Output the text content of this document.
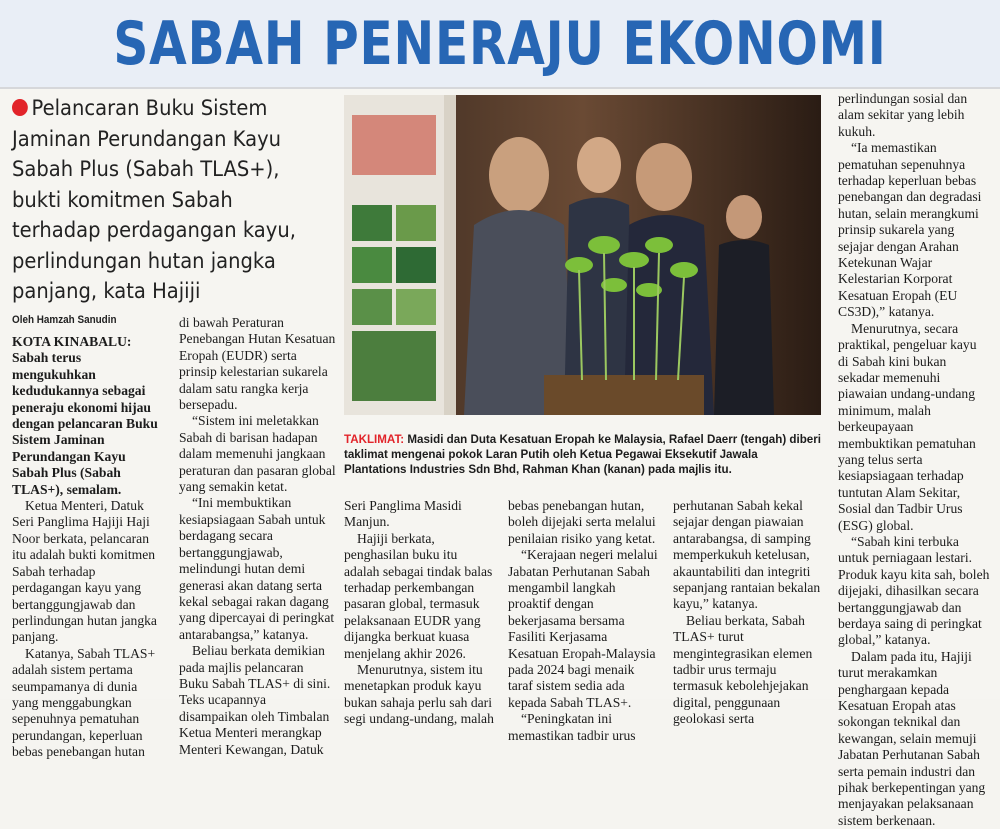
SABAH PENERAJU EKONOMI

Pelancaran Buku Sistem Jaminan Perundangan Kayu Sabah Plus (Sabah TLAS+), bukti komitmen Sabah terhadap perdagangan kayu, perlindungan hutan jangka panjang, kata Hajiji

Oleh Hamzah Sanudin

KOTA KINABALU:

Sabah terus mengukuhkan kedudukannya sebagai peneraju ekonomi hijau dengan pelancaran Buku Sistem Jaminan Perundangan Kayu Sabah Plus (Sabah TLAS+), semalam.

Ketua Menteri, Datuk Seri Panglima Hajiji Haji Noor berkata, pelancaran itu adalah bukti komitmen Sabah terhadap perdagangan kayu yang bertanggungjawab dan perlindungan hutan jangka panjang.

Katanya, Sabah TLAS+ adalah sistem pertama seumpamanya di dunia yang menggabungkan sepenuhnya pematuhan perundangan, keperluan bebas penebangan hutan

di bawah Peraturan Penebangan Hutan Kesatuan Eropah (EUDR) serta prinsip kelestarian sukarela dalam satu rangka kerja bersepadu.

“Sistem ini meletakkan Sabah di barisan hadapan dalam memenuhi jangkaan peraturan dan pasaran global yang semakin ketat.

“Ini membuktikan kesiapsiagaan Sabah untuk berdagang secara bertanggungjawab, melindungi hutan demi generasi akan datang serta kekal sebagai rakan dagang yang dipercayai di peringkat antarabangsa,” katanya.

Beliau berkata demikian pada majlis pelancaran Buku Sabah TLAS+ di sini. Teks ucapannya disampaikan oleh Timbalan Ketua Menteri merangkap Menteri Kewangan, Datuk

TAKLIMAT: Masidi dan Duta Kesatuan Eropah ke Malaysia, Rafael Daerr (tengah) diberi taklimat mengenai pokok Laran Putih oleh Ketua Pegawai Eksekutif Jawala Plantations Industries Sdn Bhd, Rahman Khan (kanan) pada majlis itu.

Seri Panglima Masidi Manjun.

Hajiji berkata, penghasilan buku itu adalah sebagai tindak balas terhadap perkembangan pasaran global, termasuk pelaksanaan EUDR yang dijangka berkuat kuasa menjelang akhir 2026.

Menurutnya, sistem itu menetapkan produk kayu bukan sahaja perlu sah dari segi undang-undang, malah

bebas penebangan hutan, boleh dijejaki serta melalui penilaian risiko yang ketat.

“Kerajaan negeri melalui Jabatan Perhutanan Sabah mengambil langkah proaktif dengan bekerjasama bersama Fasiliti Kerjasama Kesatuan Eropah-Malaysia pada 2024 bagi menaik taraf sistem sedia ada kepada Sabah TLAS+.

“Peningkatan ini memastikan tadbir urus

perhutanan Sabah kekal sejajar dengan piawaian antarabangsa, di samping memperkukuh ketelusan, akauntabiliti dan integriti sepanjang rantaian bekalan kayu,” katanya.

Beliau berkata, Sabah TLAS+ turut mengintegrasikan elemen tadbir urus termaju termasuk kebolehjejakan digital, penggunaan geolokasi serta

perlindungan sosial dan alam sekitar yang lebih kukuh.

“Ia memastikan pematuhan sepenuhnya terhadap keperluan bebas penebangan dan degradasi hutan, selain merangkumi prinsip sukarela yang sejajar dengan Arahan Ketekunan Wajar Kelestarian Korporat Kesatuan Eropah (EU CS3D),” katanya.

Menurutnya, secara praktikal, pengeluar kayu di Sabah kini bukan sekadar memenuhi piawaian undang-undang minimum, malah berkeupayaan membuktikan pematuhan yang telus serta kesiapsiagaan terhadap tuntutan Alam Sekitar, Sosial dan Tadbir Urus (ESG) global.

“Sabah kini terbuka untuk perniagaan lestari. Produk kayu kita sah, boleh dijejaki, dihasilkan secara bertanggungjawab dan berdaya saing di peringkat global,” katanya.

Dalam pada itu, Hajiji turut merakamkan penghargaan kepada Kesatuan Eropah atas sokongan teknikal dan kewangan, selain memuji Jabatan Perhutanan Sabah serta pemain industri dan pihak berkepentingan yang menjayakan pelaksanaan sistem berkenaan.
